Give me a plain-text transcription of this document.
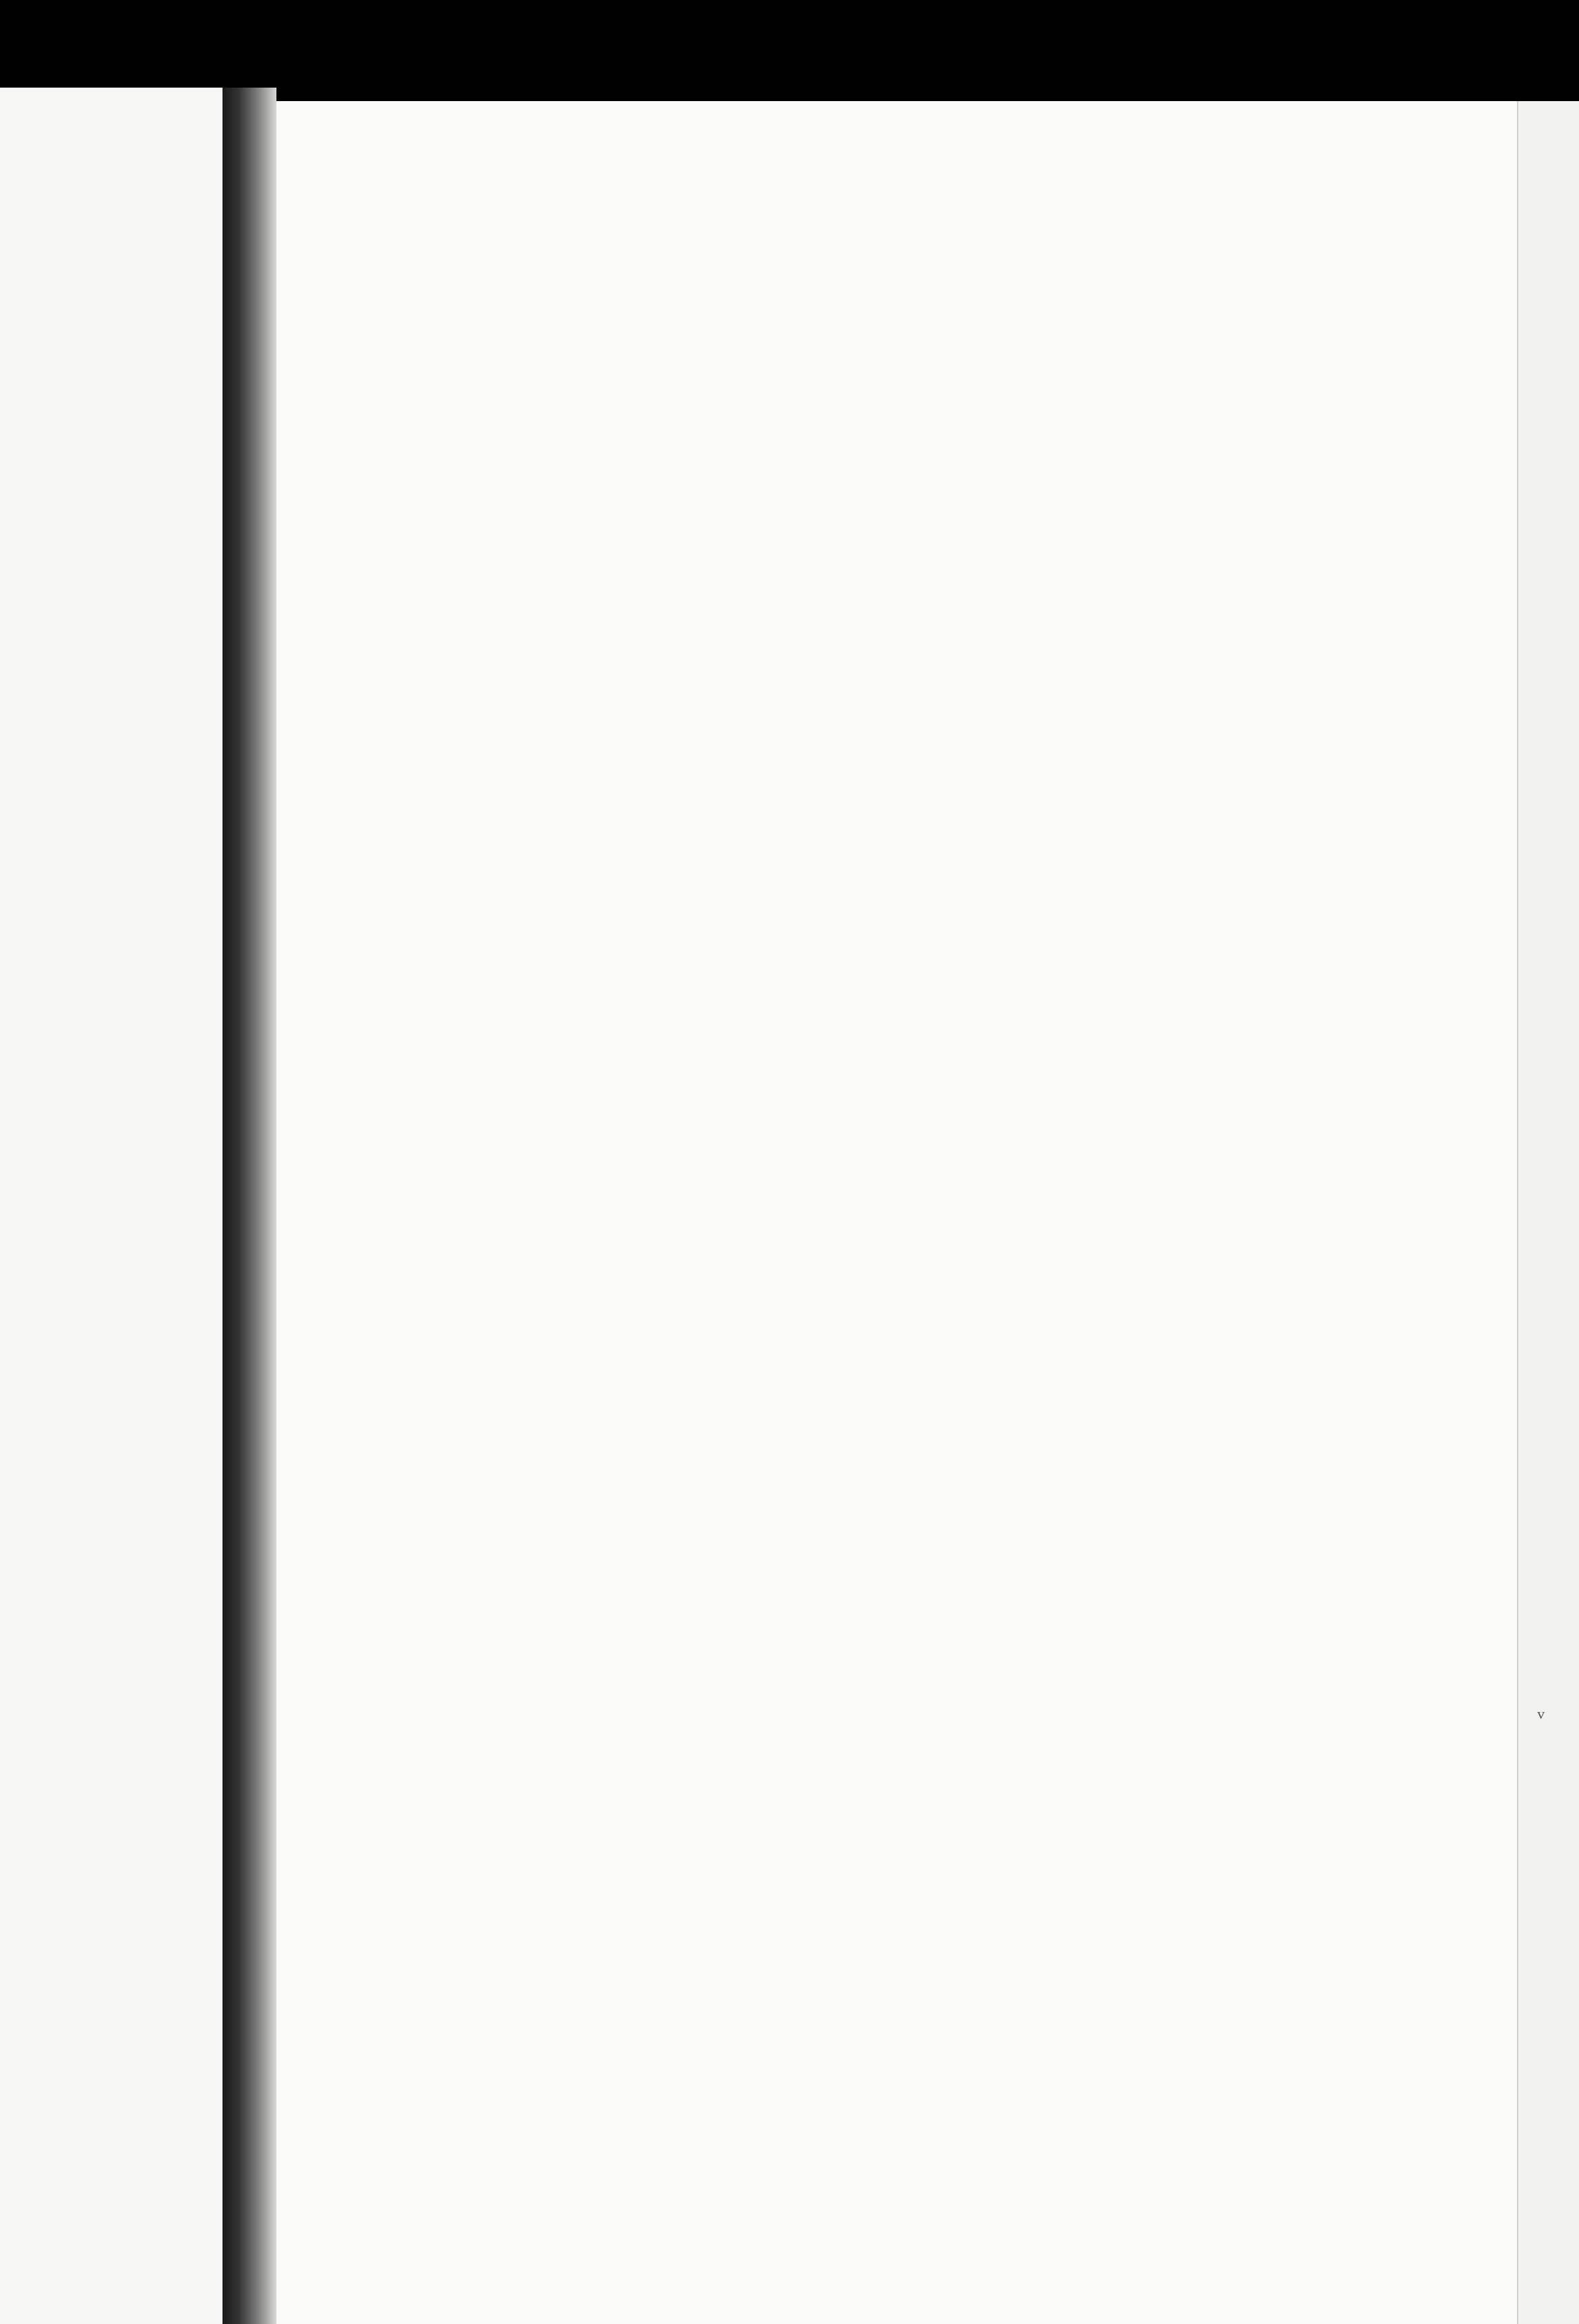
v
